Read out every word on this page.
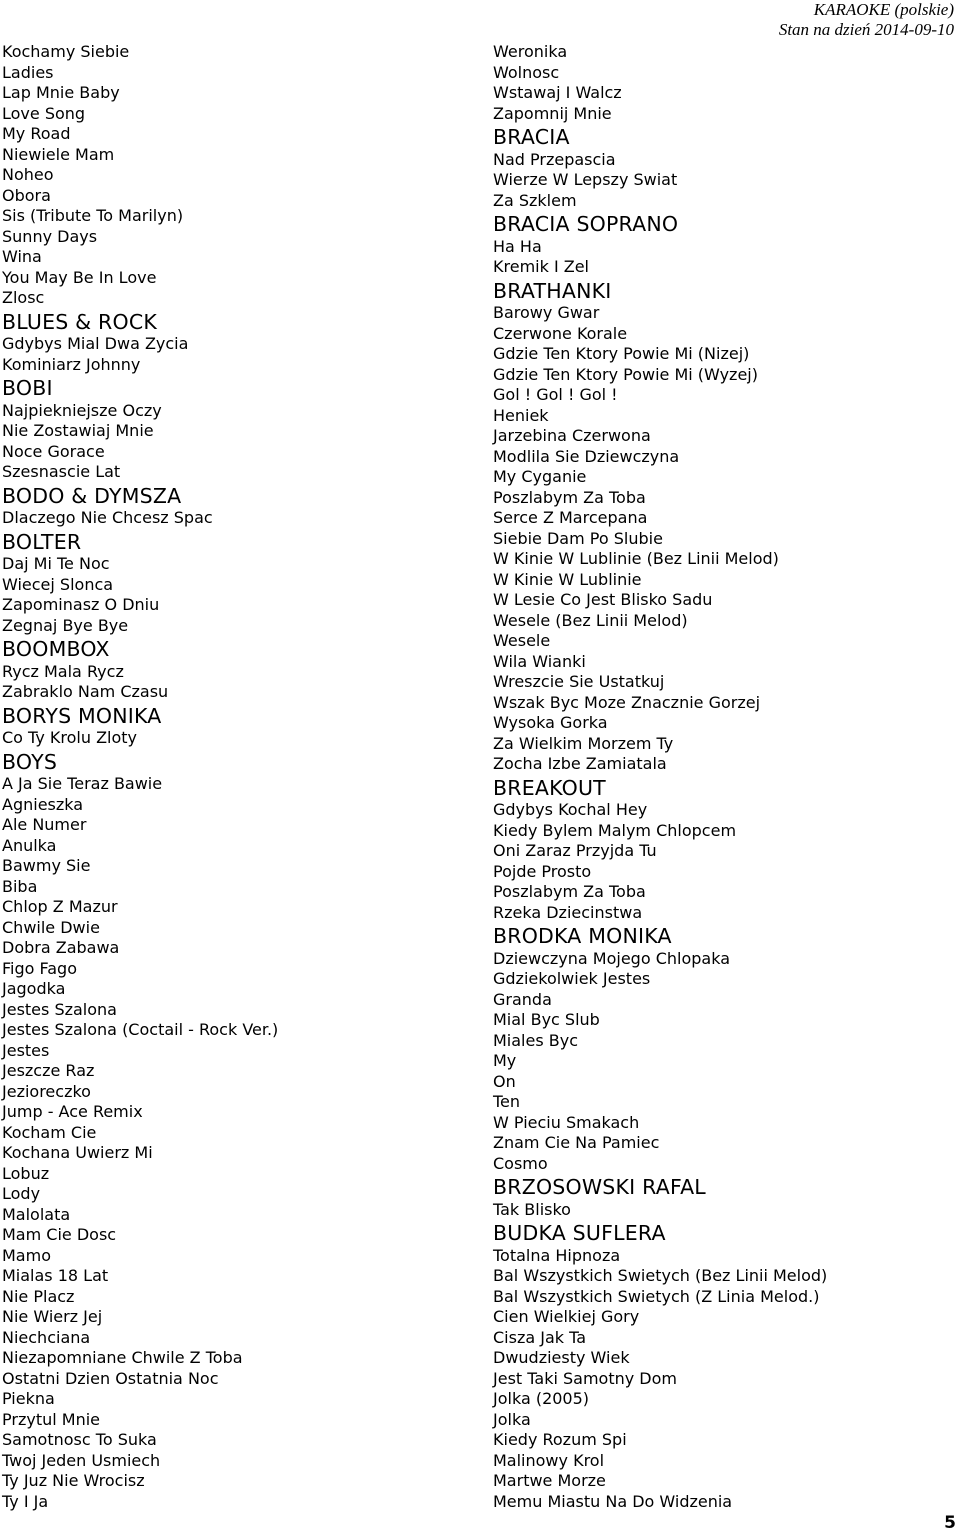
KARAOKE (polskie)
Stan na dzień 2014-09-10
Kochamy Siebie
Ladies
Lap Mnie Baby
Love Song
My Road
Niewiele Mam
Noheo
Obora
Sis (Tribute To Marilyn)
Sunny Days
Wina
You May Be In Love
Zlosc
BLUES & ROCK
Gdybys Mial Dwa Zycia
Kominiarz Johnny
BOBI
Najpiekniejsze Oczy
Nie Zostawiaj Mnie
Noce Gorace
Szesnascie Lat
BODO & DYMSZA
Dlaczego Nie Chcesz Spac
BOLTER
Daj Mi Te Noc
Wiecej Slonca
Zapominasz O Dniu
Zegnaj Bye Bye
BOOMBOX
Rycz Mala Rycz
Zabraklo Nam Czasu
BORYS MONIKA
Co Ty Krolu Zloty
BOYS
A Ja Sie Teraz Bawie
Agnieszka
Ale Numer
Anulka
Bawmy Sie
Biba
Chlop Z Mazur
Chwile Dwie
Dobra Zabawa
Figo Fago
Jagodka
Jestes Szalona
Jestes Szalona (Coctail - Rock Ver.)
Jestes
Jeszcze Raz
Jezioreczko
Jump - Ace Remix
Kocham Cie
Kochana Uwierz Mi
Lobuz
Lody
Malolata
Mam Cie Dosc
Mamo
Mialas 18 Lat
Nie Placz
Nie Wierz Jej
Niechciana
Niezapomniane Chwile Z Toba
Ostatni Dzien Ostatnia Noc
Piekna
Przytul Mnie
Samotnosc To Suka
Twoj Jeden Usmiech
Ty Juz Nie Wrocisz
Ty I Ja
Weronika
Wolnosc
Wstawaj I Walcz
Zapomnij Mnie
BRACIA
Nad Przepascia
Wierze W Lepszy Swiat
Za Szklem
BRACIA SOPRANO
Ha Ha
Kremik I Zel
BRATHANKI
Barowy Gwar
Czerwone Korale
Gdzie Ten Ktory Powie Mi (Nizej)
Gdzie Ten Ktory Powie Mi (Wyzej)
Gol ! Gol ! Gol !
Heniek
Jarzebina Czerwona
Modlila Sie Dziewczyna
My Cyganie
Poszlabym Za Toba
Serce Z Marcepana
Siebie Dam Po Slubie
W Kinie W Lublinie (Bez Linii Melod)
W Kinie W Lublinie
W Lesie Co Jest Blisko Sadu
Wesele (Bez Linii Melod)
Wesele
Wila Wianki
Wreszcie Sie Ustatkuj
Wszak Byc Moze Znacznie Gorzej
Wysoka Gorka
Za Wielkim Morzem Ty
Zocha Izbe Zamiatala
BREAKOUT
Gdybys Kochal Hey
Kiedy Bylem Malym Chlopcem
Oni Zaraz Przyjda Tu
Pojde Prosto
Poszlabym Za Toba
Rzeka Dziecinstwa
BRODKA MONIKA
Dziewczyna Mojego Chlopaka
Gdziekolwiek Jestes
Granda
Mial Byc Slub
Miales Byc
My
On
Ten
W Pieciu Smakach
Znam Cie Na Pamiec
Cosmo
BRZOSOWSKI RAFAL
Tak Blisko
BUDKA SUFLERA
Totalna Hipnoza
Bal Wszystkich Swietych (Bez Linii Melod)
Bal Wszystkich Swietych (Z Linia Melod.)
Cien Wielkiej Gory
Cisza Jak Ta
Dwudziesty Wiek
Jest Taki Samotny Dom
Jolka (2005)
Jolka
Kiedy Rozum Spi
Malinowy Krol
Martwe Morze
Memu Miastu Na Do Widzenia
5
